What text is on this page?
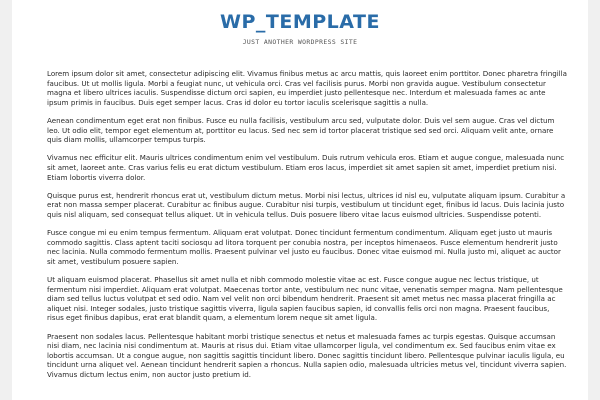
WP_TEMPLATE
JUST ANOTHER WORDPRESS SITE

Lorem ipsum dolor sit amet, consectetur adipiscing elit. Vivamus finibus metus ac arcu mattis, quis laoreet enim porttitor. Donec pharetra fringilla faucibus. Ut ut mollis ligula. Morbi a feugiat nunc, ut vehicula orci. Cras vel facilisis purus. Morbi non gravida augue. Vestibulum consectetur magna et libero ultrices iaculis. Suspendisse dictum orci sapien, eu imperdiet justo pellentesque nec. Interdum et malesuada fames ac ante ipsum primis in faucibus. Duis eget semper lacus. Cras id dolor eu tortor iaculis scelerisque sagittis a nulla.

Aenean condimentum eget erat non finibus. Fusce eu nulla facilisis, vestibulum arcu sed, vulputate dolor. Duis vel sem augue. Cras vel dictum leo. Ut odio elit, tempor eget elementum at, porttitor eu lacus. Sed nec sem id tortor placerat tristique sed sed orci. Aliquam velit ante, ornare quis diam mollis, ullamcorper tempus turpis.

Vivamus nec efficitur elit. Mauris ultrices condimentum enim vel vestibulum. Duis rutrum vehicula eros. Etiam et augue congue, malesuada nunc sit amet, laoreet ante. Cras varius felis eu erat dictum vestibulum. Etiam eros lacus, imperdiet sit amet sapien sit amet, imperdiet pretium nisi. Etiam lobortis viverra dolor.

Quisque purus est, hendrerit rhoncus erat ut, vestibulum dictum metus. Morbi nisi lectus, ultrices id nisl eu, vulputate aliquam ipsum. Curabitur a erat non massa semper placerat. Curabitur ac finibus augue. Curabitur nisi turpis, vestibulum ut tincidunt eget, finibus id lacus. Duis lacinia justo quis nisl aliquam, sed consequat tellus aliquet. Ut in vehicula tellus. Duis posuere libero vitae lacus euismod ultricies. Suspendisse potenti.

Fusce congue mi eu enim tempus fermentum. Aliquam erat volutpat. Donec tincidunt fermentum condimentum. Aliquam eget justo ut mauris commodo sagittis. Class aptent taciti sociosqu ad litora torquent per conubia nostra, per inceptos himenaeos. Fusce elementum hendrerit justo nec lacinia. Nulla commodo fermentum mollis. Praesent pulvinar vel justo eu faucibus. Donec vitae euismod mi. Nulla justo mi, aliquet ac auctor sit amet, vestibulum posuere sapien.

Ut aliquam euismod placerat. Phasellus sit amet nulla et nibh commodo molestie vitae ac est. Fusce congue augue nec lectus tristique, ut fermentum nisi imperdiet. Aliquam erat volutpat. Maecenas tortor ante, vestibulum nec nunc vitae, venenatis semper magna. Nam pellentesque diam sed tellus luctus volutpat et sed odio. Nam vel velit non orci bibendum hendrerit. Praesent sit amet metus nec massa placerat fringilla ac aliquet nisi. Integer sodales, justo tristique sagittis viverra, ligula sapien faucibus sapien, id convallis felis orci non magna. Praesent faucibus, risus eget finibus dapibus, erat erat blandit quam, a elementum lorem neque sit amet ligula.

Praesent non sodales lacus. Pellentesque habitant morbi tristique senectus et netus et malesuada fames ac turpis egestas. Quisque accumsan nisi diam, nec lacinia nisi condimentum at. Mauris at risus dui. Etiam vitae ullamcorper ligula, vel condimentum ex. Sed faucibus enim vitae ex lobortis accumsan. Ut a congue augue, non sagittis sagittis tincidunt libero. Donec sagittis tincidunt libero. Pellentesque pulvinar iaculis ligula, eu tincidunt urna aliquet vel. Aenean tincidunt hendrerit sapien a rhoncus. Nulla sapien odio, malesuada ultricies metus vel, tincidunt viverra sapien. Vivamus dictum lectus enim, non auctor justo pretium id.
